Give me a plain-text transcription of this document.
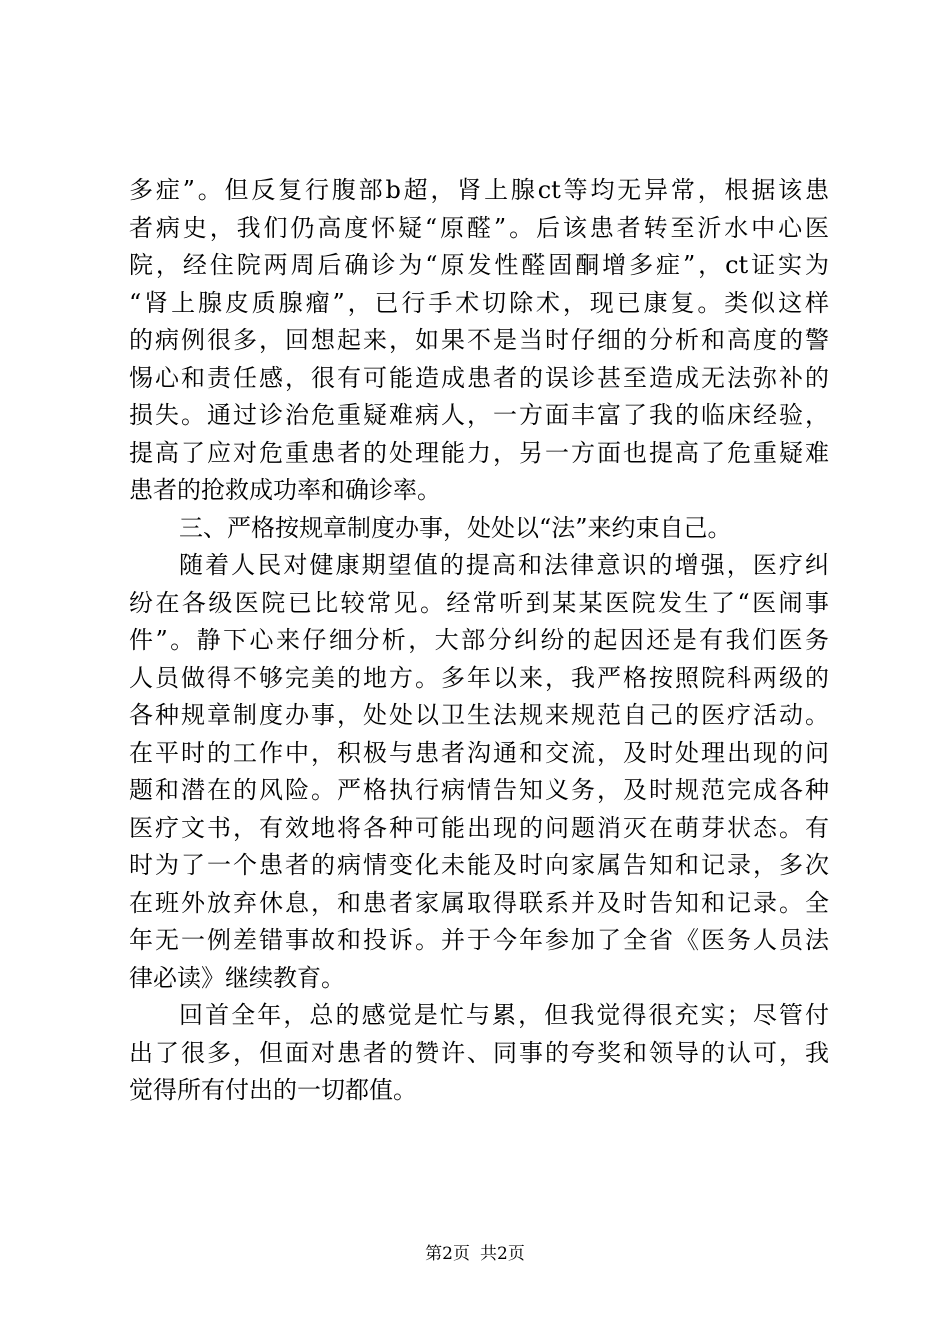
多症”。但反复行腹部b超，肾上腺ct等均无异常，根据该患
者病史，我们仍高度怀疑“原醛”。后该患者转至沂水中心医
院，经住院两周后确诊为“原发性醛固酮增多症”，ct证实为
“肾上腺皮质腺瘤”，已行手术切除术，现已康复。类似这样
的病例很多，回想起来，如果不是当时仔细的分析和高度的警
惕心和责任感，很有可能造成患者的误诊甚至造成无法弥补的
损失。通过诊治危重疑难病人，一方面丰富了我的临床经验，
提高了应对危重患者的处理能力，另一方面也提高了危重疑难
患者的抢救成功率和确诊率。
三、严格按规章制度办事，处处以“法”来约束自己。
随着人民对健康期望值的提高和法律意识的增强，医疗纠
纷在各级医院已比较常见。经常听到某某医院发生了“医闹事
件”。静下心来仔细分析，大部分纠纷的起因还是有我们医务
人员做得不够完美的地方。多年以来，我严格按照院科两级的
各种规章制度办事，处处以卫生法规来规范自己的医疗活动。
在平时的工作中，积极与患者沟通和交流，及时处理出现的问
题和潜在的风险。严格执行病情告知义务，及时规范完成各种
医疗文书，有效地将各种可能出现的问题消灭在萌芽状态。有
时为了一个患者的病情变化未能及时向家属告知和记录，多次
在班外放弃休息，和患者家属取得联系并及时告知和记录。全
年无一例差错事故和投诉。并于今年参加了全省《医务人员法
律必读》继续教育。
回首全年，总的感觉是忙与累，但我觉得很充实；尽管付
出了很多，但面对患者的赞许、同事的夸奖和领导的认可，我
觉得所有付出的一切都值。
第2页 共2页
